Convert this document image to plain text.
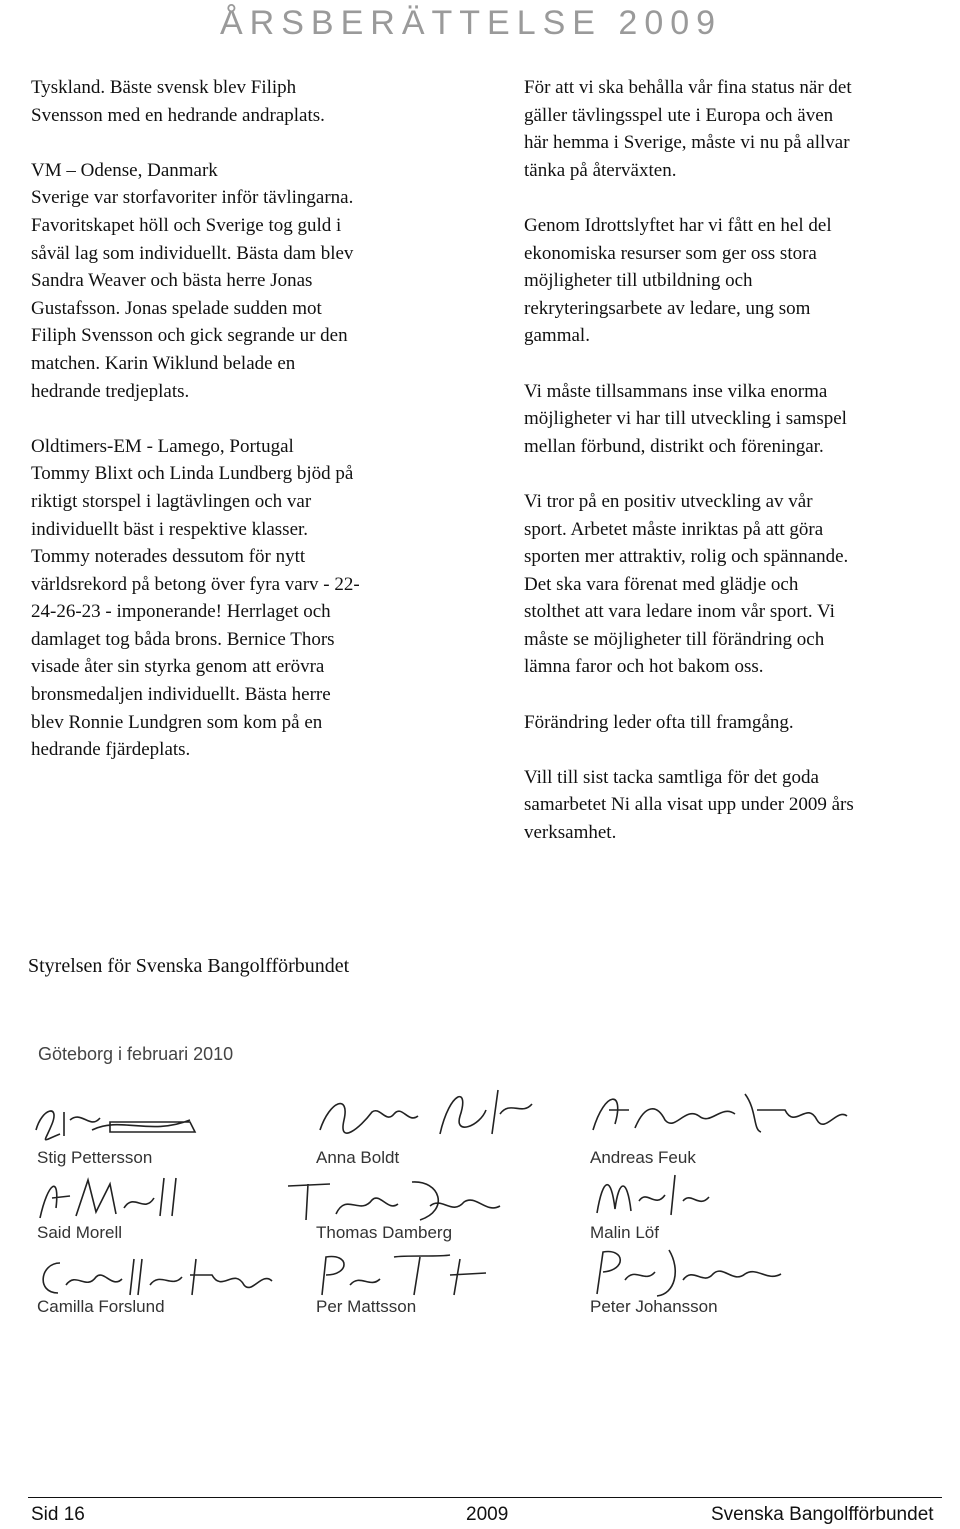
ÅRSBERÄTTELSE 2009

Tyskland. Bäste svensk blev Filiph
Svensson med en hedrande andraplats.

VM – Odense, Danmark
Sverige var storfavoriter inför tävlingarna.
Favoritskapet höll och Sverige tog guld i
såväl lag som individuellt. Bästa dam blev
Sandra Weaver och bästa herre Jonas
Gustafsson. Jonas spelade sudden mot
Filiph Svensson och gick segrande ur den
matchen. Karin Wiklund belade en
hedrande tredjeplats.

Oldtimers-EM - Lamego, Portugal
Tommy Blixt och Linda Lundberg bjöd på
riktigt storspel i lagtävlingen och var
individuellt bäst i respektive klasser.
Tommy noterades dessutom för nytt
världsrekord på betong över fyra varv - 22-
24-26-23 - imponerande! Herrlaget och
damlaget tog båda brons. Bernice Thors
visade åter sin styrka genom att erövra
bronsmedaljen individuellt. Bästa herre
blev Ronnie Lundgren som kom på en
hedrande fjärdeplats.

För att vi ska behålla vår fina status när det
gäller tävlingsspel ute i Europa och även
här hemma i Sverige, måste vi nu på allvar
tänka på återväxten.

Genom Idrottslyftet har vi fått en hel del
ekonomiska resurser som ger oss stora
möjligheter till utbildning och
rekryteringsarbete av ledare, ung som
gammal.

Vi måste tillsammans inse vilka enorma
möjligheter vi har till utveckling i samspel
mellan förbund, distrikt och föreningar.

Vi tror på en positiv utveckling av vår
sport. Arbetet måste inriktas på att göra
sporten mer attraktiv, rolig och spännande.
Det ska vara förenat med glädje och
stolthet att vara ledare inom vår sport. Vi
måste se möjligheter till förändring och
lämna faror och hot bakom oss.

Förändring leder ofta till framgång.

Vill till sist tacka samtliga för det goda
samarbetet Ni alla visat upp under 2009 års
verksamhet.

Styrelsen för Svenska Bangolfförbundet
Göteborg i februari 2010
Stig Pettersson	Anna Boldt	Andreas Feuk
Said Morell	Thomas Damberg	Malin Löf
Camilla Forslund	Per Mattsson	Peter Johansson
Sid 16	2009	Svenska Bangolfförbundet
